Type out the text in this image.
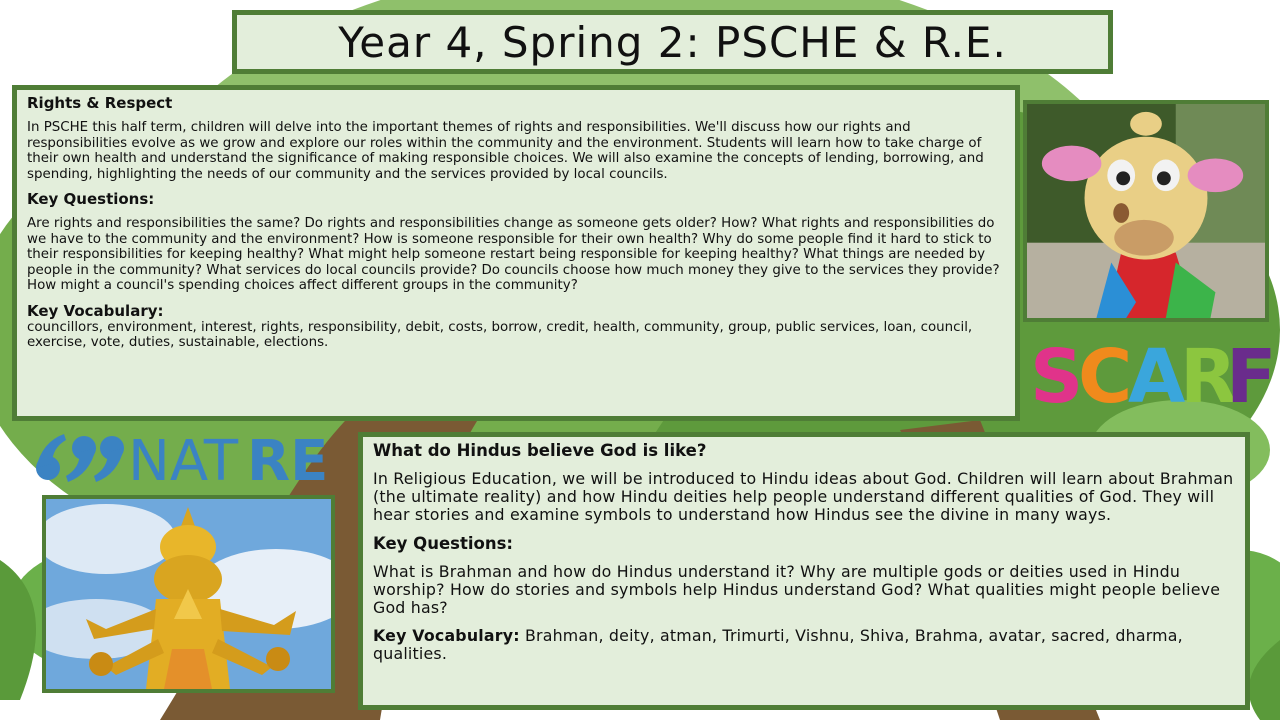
Year 4, Spring 2: PSCHE & R.E.
Rights & Respect

In PSCHE this half term, children will delve into the important themes of rights and responsibilities. We'll discuss how our rights and responsibilities evolve as we grow and explore our roles within the community and the environment. Students will learn how to take charge of their own health and understand the significance of making responsible choices. We will also examine the concepts of lending, borrowing, and spending, highlighting the needs of our community and the services provided by local councils.

Key Questions:

Are rights and responsibilities the same? Do rights and responsibilities change as someone gets older? How? What rights and responsibilities do we have to the community and the environment? How is someone responsible for their own health? Why do some people find it hard to stick to their responsibilities for keeping healthy? What might help someone restart being responsible for keeping healthy? What things are needed by people in the community? What services do local councils provide? Do councils choose how much money they give to the services they provide? How might a council's spending choices affect different groups in the community?

Key Vocabulary:

councillors, environment, interest, rights, responsibility, debit, costs, borrow, credit, health, community, group, public services, loan, council, exercise, vote, duties, sustainable, elections.	S
C
A
R
F
NAT RE	What do Hindus believe God is like?

In Religious Education, we will be introduced to Hindu ideas about God. Children will learn about Brahman (the ultimate reality) and how Hindu deities help people understand different qualities of God. They will hear stories and examine symbols to understand how Hindus see the divine in many ways.

Key Questions:

What is Brahman and how do Hindus understand it? Why are multiple gods or deities used in Hindu worship? How do stories and symbols help Hindus understand God? What qualities might people believe God has?

Key Vocabulary: Brahman, deity, atman, Trimurti, Vishnu, Shiva, Brahma, avatar, sacred, dharma, qualities.
